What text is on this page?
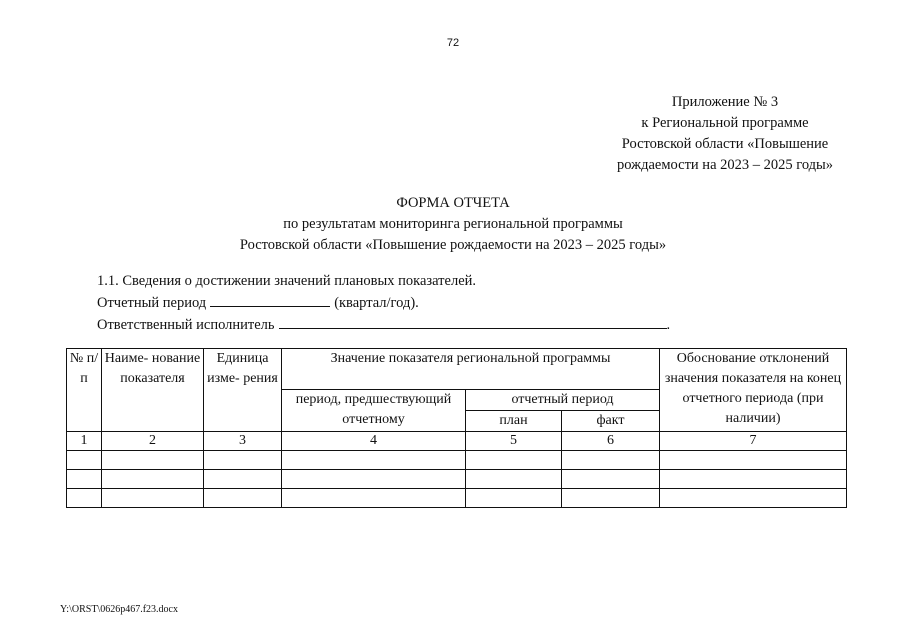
72
Приложение № 3
к Региональной программе
Ростовской области «Повышение
рождаемости на 2023 – 2025 годы»
ФОРМА ОТЧЕТА
по результатам мониторинга региональной программы
Ростовской области «Повышение рождаемости на 2023 – 2025 годы»
1.1. Сведения о достижении значений плановых показателей.
Отчетный период	(квартал/год).
Ответственный исполнитель	.
№ п/п	Наиме- нование показателя	Единица изме- рения	Значение показателя региональной программы			Обоснование отклонений значения показателя на конец отчетного периода (при наличии)
			период, предшествующий отчетному	отчетный период		
				план	факт	
1	2	3	4	5	6	7

Y:\ORST\0626p467.f23.docx
